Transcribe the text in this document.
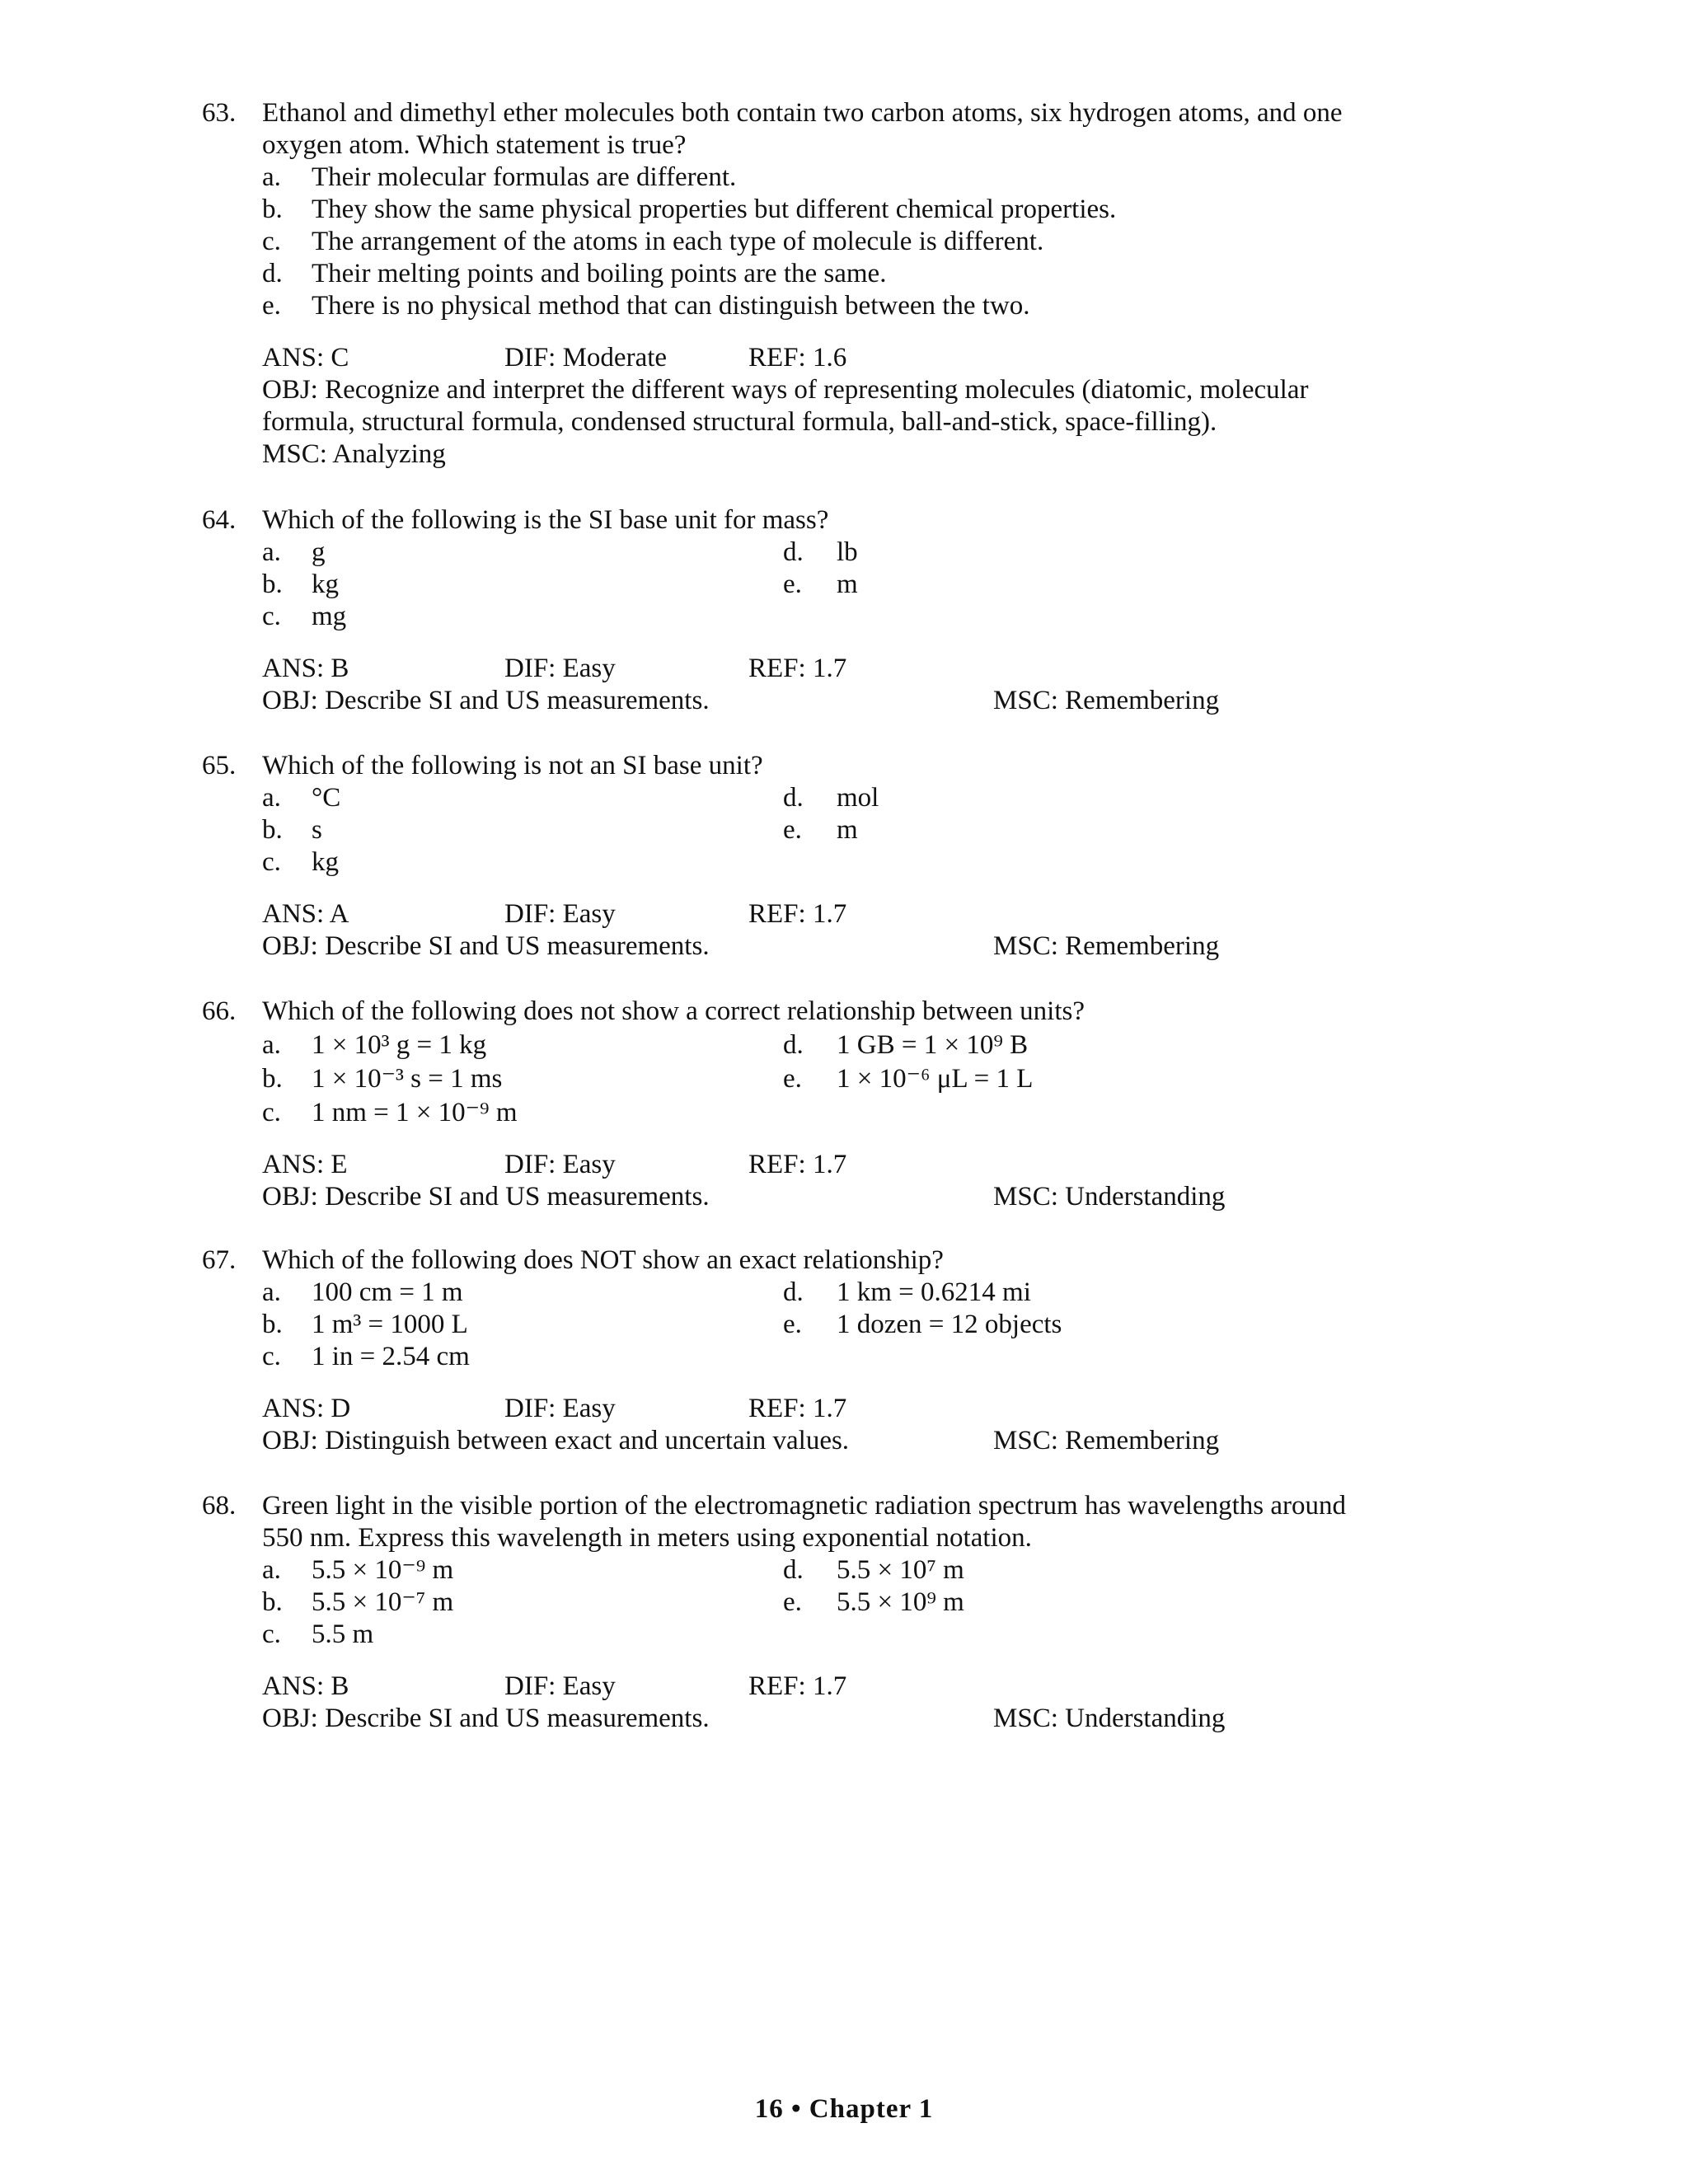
63. Ethanol and dimethyl ether molecules both contain two carbon atoms, six hydrogen atoms, and one
oxygen atom. Which statement is true?
a. Their molecular formulas are different.
b. They show the same physical properties but different chemical properties.
c. The arrangement of the atoms in each type of molecule is different.
d. Their melting points and boiling points are the same.
e. There is no physical method that can distinguish between the two.
ANS: C	DIF: Moderate	REF: 1.6
OBJ: Recognize and interpret the different ways of representing molecules (diatomic, molecular
formula, structural formula, condensed structural formula, ball-and-stick, space-filling).
MSC: Analyzing
64. Which of the following is the SI base unit for mass?
a. g
b. kg
c. mg
d. lb
e. m
ANS: B	DIF: Easy	REF: 1.7
OBJ: Describe SI and US measurements.	MSC: Remembering
65. Which of the following is not an SI base unit?
a. °C
b. s
c. kg
d. mol
e. m
ANS: A	DIF: Easy	REF: 1.7
OBJ: Describe SI and US measurements.	MSC: Remembering
66. Which of the following does not show a correct relationship between units?
a. 1 × 10³ g = 1 kg
b. 1 × 10⁻³ s = 1 ms
c. 1 nm = 1 × 10⁻⁹ m
d. 1 GB = 1 × 10⁹ B
e. 1 × 10⁻⁶ μL = 1 L
ANS: E	DIF: Easy	REF: 1.7
OBJ: Describe SI and US measurements.	MSC: Understanding
67. Which of the following does NOT show an exact relationship?
a. 100 cm = 1 m
b. 1 m³ = 1000 L
c. 1 in = 2.54 cm
d. 1 km = 0.6214 mi
e. 1 dozen = 12 objects
ANS: D	DIF: Easy	REF: 1.7
OBJ: Distinguish between exact and uncertain values.	MSC: Remembering
68. Green light in the visible portion of the electromagnetic radiation spectrum has wavelengths around
550 nm. Express this wavelength in meters using exponential notation.
a. 5.5 × 10⁻⁹ m
b. 5.5 × 10⁻⁷ m
c. 5.5 m
d. 5.5 × 10⁷ m
e. 5.5 × 10⁹ m
ANS: B	DIF: Easy	REF: 1.7
OBJ: Describe SI and US measurements.	MSC: Understanding
16 • Chapter 1
